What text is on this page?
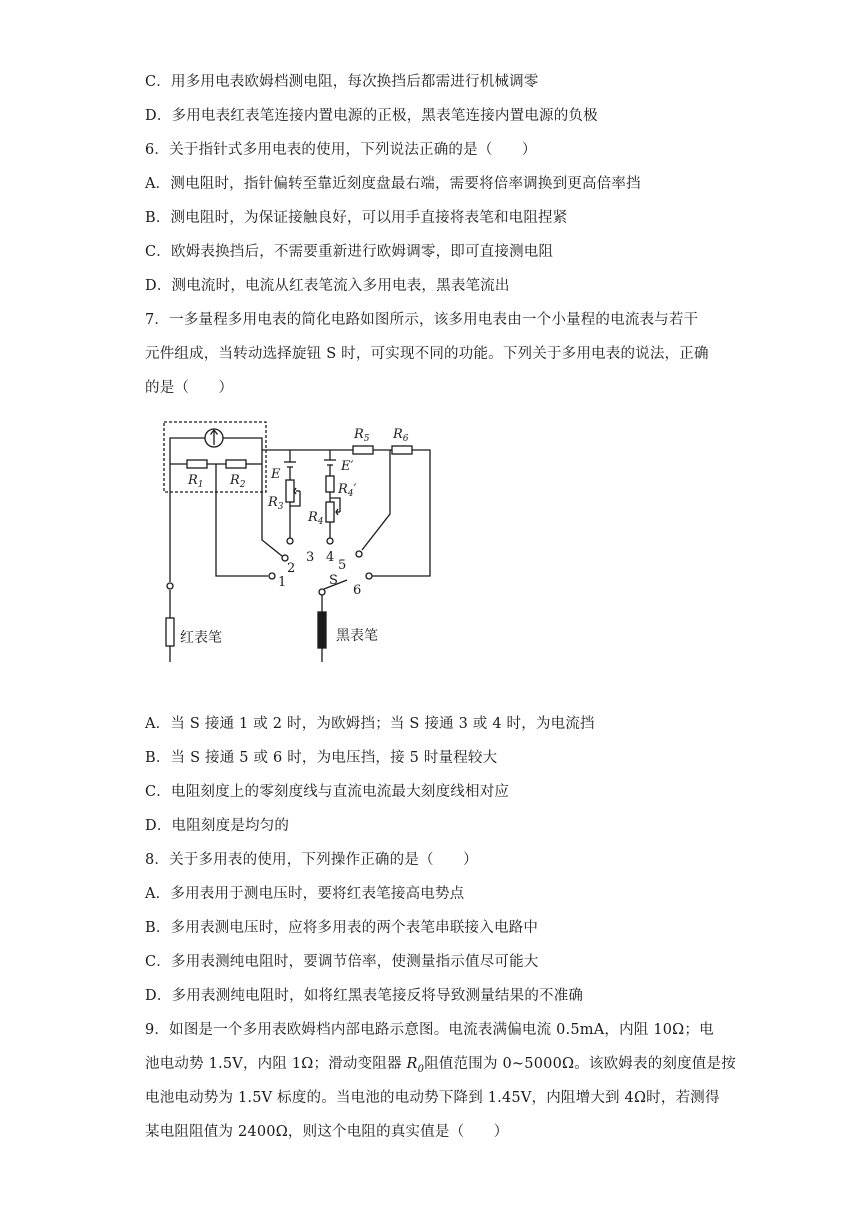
C．用多用电表欧姆档测电阻，每次换挡后都需进行机械调零
D．多用电表红表笔连接内置电源的正极，黑表笔连接内置电源的负极
6．关于指针式多用电表的使用，下列说法正确的是（　　）
A．测电阻时，指针偏转至靠近刻度盘最右端，需要将倍率调换到更高倍率挡
B．测电阻时，为保证接触良好，可以用手直接将表笔和电阻捏紧
C．欧姆表换挡后，不需要重新进行欧姆调零，即可直接测电阻
D．测电流时，电流从红表笔流入多用电表，黑表笔流出
7．一多量程多用电表的简化电路如图所示，该多用电表由一个小量程的电流表与若干
元件组成，当转动选择旋钮 S 时，可实现不同的功能。下列关于多用电表的说法，正确
的是（　　）
$R_1$ $R_2$
$R_3$
$R_4$
$R_4'$
$R_5$ $R_6$
E
E′
S
1
2
3 4
5
6
红表笔	黑表笔
A．当 S 接通 1 或 2 时，为欧姆挡；当 S 接通 3 或 4 时，为电流挡
B．当 S 接通 5 或 6 时，为电压挡，接 5 时量程较大
C．电阻刻度上的零刻度线与直流电流最大刻度线相对应
D．电阻刻度是均匀的
8．关于多用表的使用，下列操作正确的是（　　）
A．多用表用于测电压时，要将红表笔接高电势点
B．多用表测电压时，应将多用表的两个表笔串联接入电路中
C．多用表测纯电阻时，要调节倍率，使测量指示值尽可能大
D．多用表测纯电阻时，如将红黑表笔接反将导致测量结果的不准确
9．如图是一个多用表欧姆档内部电路示意图。电流表满偏电流 0.5mA，内阻 10Ω；电
池电动势 1.5V，内阻 1Ω；滑动变阻器 $R_0$阻值范围为 0~5000Ω。该欧姆表的刻度值是按
电池电动势为 1.5V 标度的。当电池的电动势下降到 1.45V，内阻增大到 4Ω时，若测得
某电阻阻值为 2400Ω，则这个电阻的真实值是（　　）
